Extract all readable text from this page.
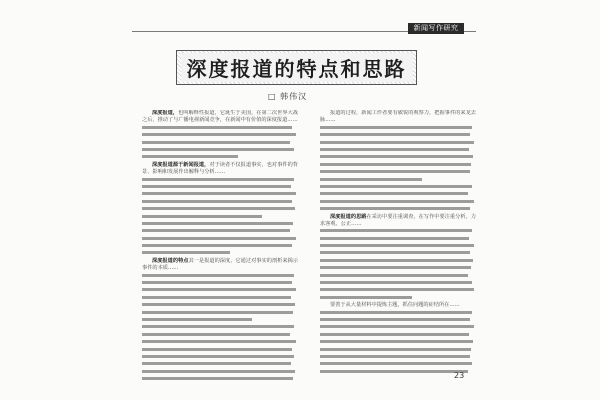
新闻写作研究
深度报道的特点和思路
□ 韩伟汉

深度报道，也叫解释性报道，它诞生于美国，在第二次世界大战之后，推动了与广播电视新闻竞争，在新闻中有价值的深度报道……

深度报道源于新闻报道，对于读者不仅报道事实，也对事件的背景、影响和发展作出解释与分析……

深度报道的特点其一是报道的深度，它通过对事实的剖析来揭示事件的本质……

报道的过程，新闻工作者要有敏锐的观察力，把握事件的来龙去脉……

深度报道的思路在采访中要注重调查，在写作中要注重分析，力求客观、公正……

要善于从大量材料中提炼主题，抓住问题的症结所在……

23
